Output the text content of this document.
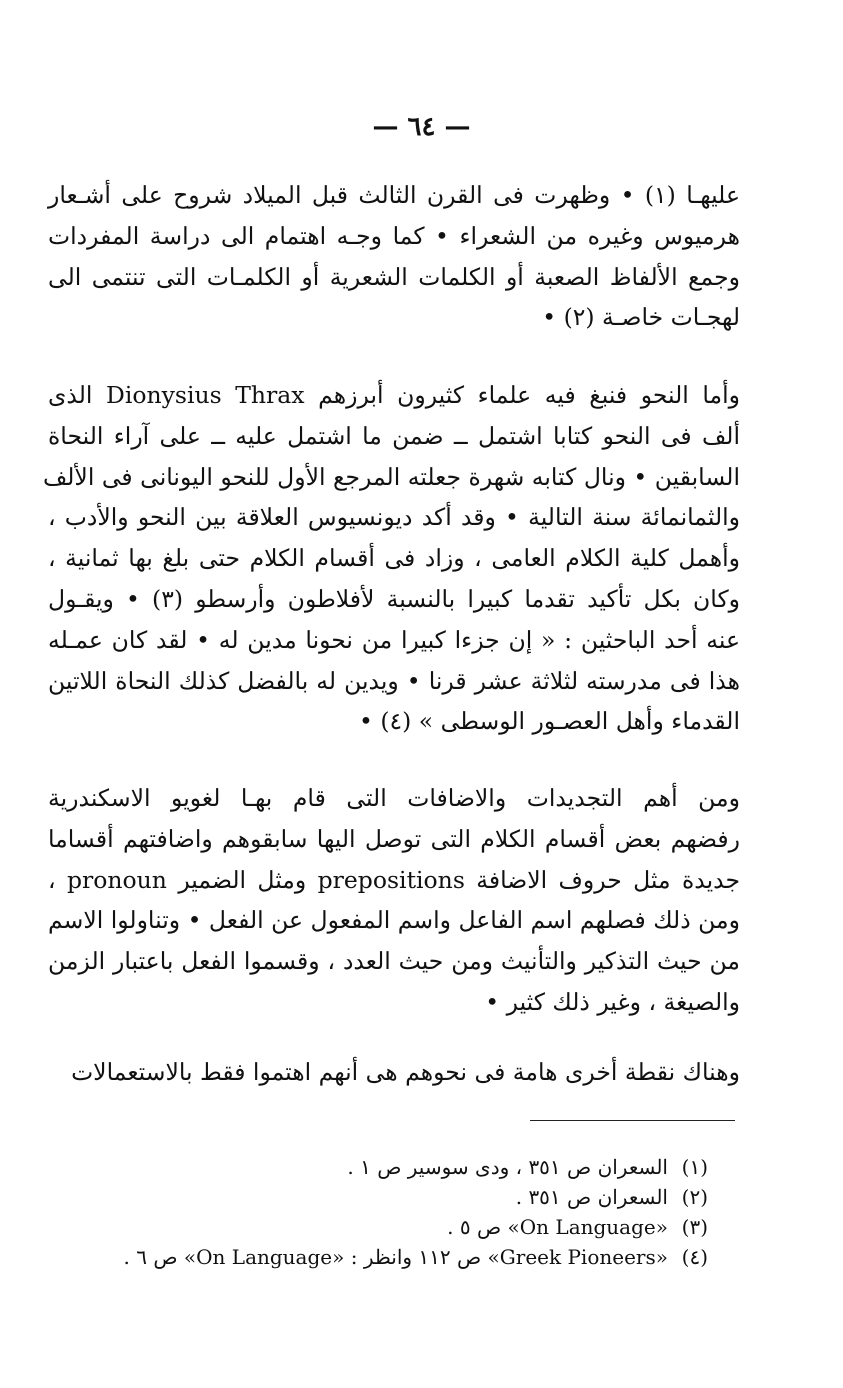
— ٦٤ —
عليهـا (١) • وظهرت فى القرن الثالث قبل الميلاد شروح على أشـعار
هرميوس وغيره من الشعراء • كما وجـه اهتمام الى دراسة المفردات
وجمع الألفاظ الصعبة أو الكلمات الشعرية أو الكلمـات التى تنتمى الى
لهجـات خاصـة (٢) •
وأما النحو فنبغ فيه علماء كثيرون أبرزهم Dionysius Thrax الذى
ألف فى النحو كتابا اشتمل ــ ضمن ما اشتمل عليه ــ على آراء النحاة
السابقين • ونال كتابه شهرة جعلته المرجع الأول للنحو اليونانى فى الألف
والثمانمائة سنة التالية • وقد أكد ديونسيوس العلاقة بين النحو والأدب ،
وأهمل كلية الكلام العامى ، وزاد فى أقسام الكلام حتى بلغ بها ثمانية ،
وكان بكل تأكيد تقدما كبيرا بالنسبة لأفلاطون وأرسطو (٣) • ويقـول
عنه أحد الباحثين : « إن جزءا كبيرا من نحونا مدين له • لقد كان عمـله
هذا فى مدرسته لثلاثة عشر قرنا • ويدين له بالفضل كذلك النحاة اللاتين
القدماء وأهل العصـور الوسطى » (٤) •
ومن أهم التجديدات والاضافات التى قام بهـا لغويو الاسكندرية
رفضهم بعض أقسام الكلام التى توصل اليها سابقوهم واضافتهم أقساما
جديدة مثل حروف الاضافة prepositions ومثل الضمير pronoun ،
ومن ذلك فصلهم اسم الفاعل واسم المفعول عن الفعل • وتناولوا الاسم
من حيث التذكير والتأنيث ومن حيث العدد ، وقسموا الفعل باعتبار الزمن
والصيغة ، وغير ذلك كثير •
وهناك نقطة أخرى هامة فى نحوهم هى أنهم اهتموا فقط بالاستعمالات
(١)السعران ص ٣٥١ ، ودى سوسير ص ١ .
(٢)السعران ص ٣٥١ .
(٣)«On Language» ص ٥ .
(٤)«Greek Pioneers» ص ١١٢ وانظر : «On Language» ص ٦ .
